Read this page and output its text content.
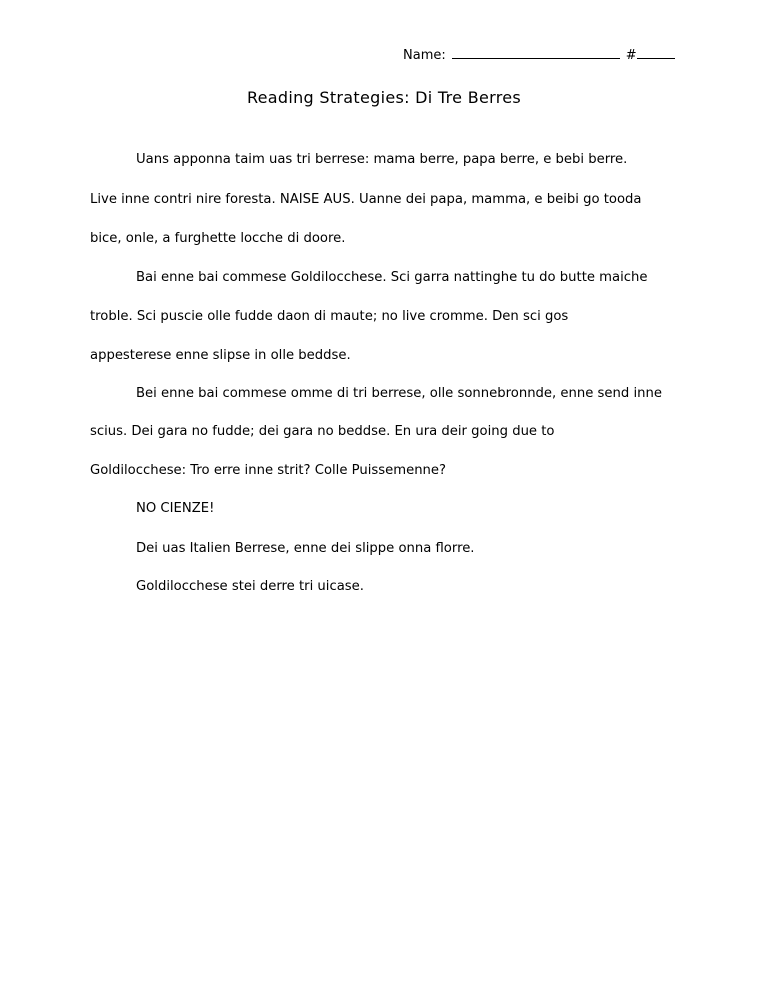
Name:	#
Reading Strategies: Di Tre Berres
Uans apponna taim uas tri berrese: mama berre, papa berre, e bebi berre.
Live inne contri nire foresta. NAISE AUS. Uanne dei papa, mamma, e beibi go tooda
bice, onle, a furghette locche di doore.
Bai enne bai commese Goldilocchese. Sci garra nattinghe tu do butte maiche
troble. Sci puscie olle fudde daon di maute; no live cromme. Den sci gos
appesterese enne slipse in olle beddse.
Bei enne bai commese omme di tri berrese, olle sonnebronnde, enne send inne
scius. Dei gara no fudde; dei gara no beddse. En ura deir going due to
Goldilocchese: Tro erre inne strit? Colle Puissemenne?
NO CIENZE!
Dei uas Italien Berrese, enne dei slippe onna florre.
Goldilocchese stei derre tri uicase.
